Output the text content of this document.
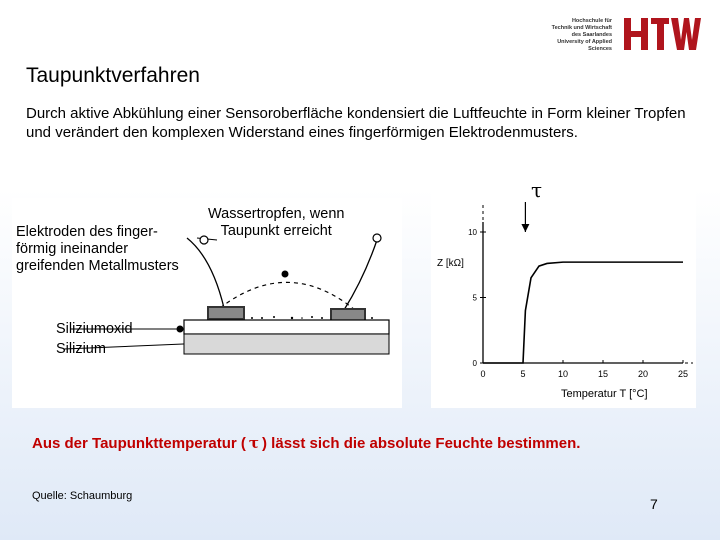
Hochschule für
Technik und Wirtschaft
des Saarlandes
University of Applied Sciences
Taupunktverfahren
Durch aktive Abkühlung einer Sensoroberfläche kondensiert die Luftfeuchte in Form kleiner Tropfen und verändert den komplexen Widerstand eines fingerförmigen Elektrodenmusters.
Elektroden des finger-
förmig ineinander
greifenden Metallmusters
Wassertropfen, wenn
Taupunkt erreicht
Siliziumoxid
Silizium
τ
0
5
10
0	5	10	15	20	25
Z [kΩ]
Temperatur T [°C]
Aus der Taupunkttemperatur ( τ ) lässt sich die absolute Feuchte bestimmen.
Quelle: Schaumburg	7
